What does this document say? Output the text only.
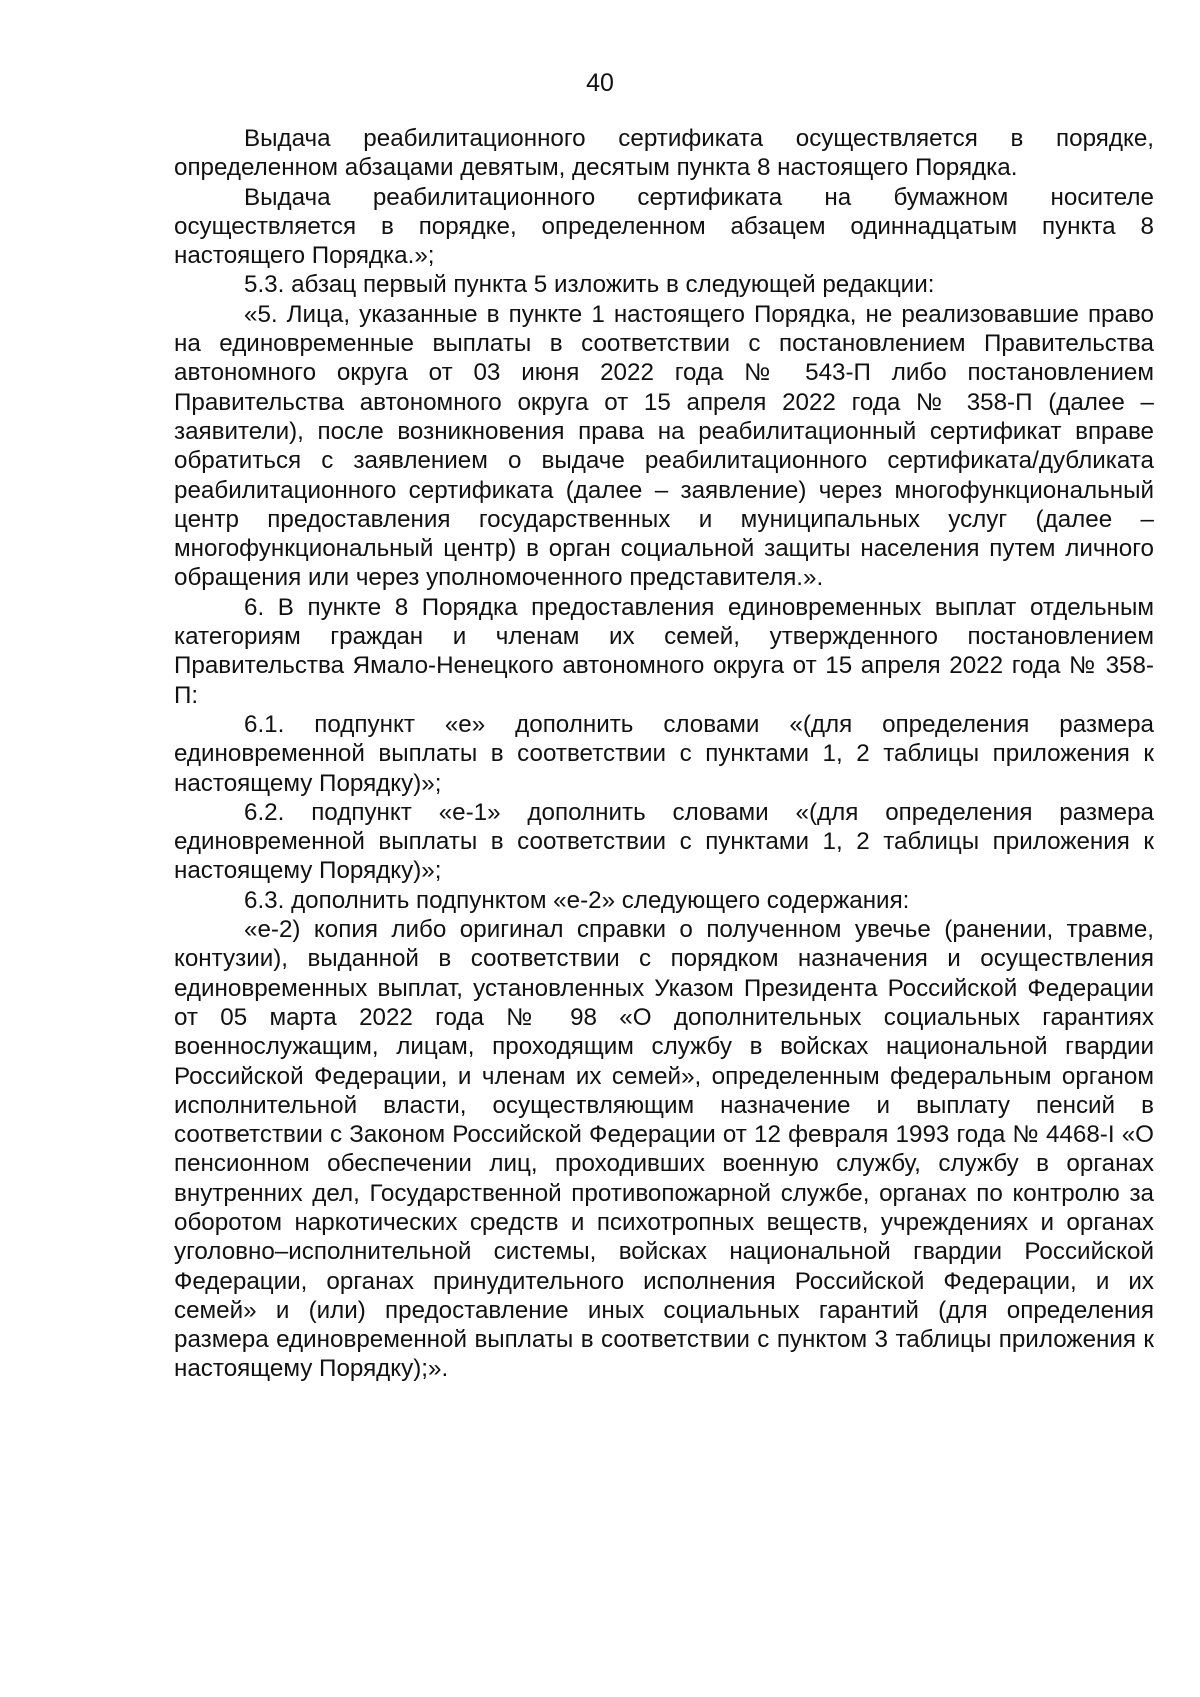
40

Выдача реабилитационного сертификата осуществляется в порядке, определенном абзацами девятым, десятым пункта 8 настоящего Порядка.

Выдача реабилитационного сертификата на бумажном носителе осуществляется в порядке, определенном абзацем одиннадцатым пункта 8 настоящего Порядка.»;

5.3. абзац первый пункта 5 изложить в следующей редакции:

«5. Лица, указанные в пункте 1 настоящего Порядка, не реализовавшие право на единовременные выплаты в соответствии с постановлением Правительства автономного округа от 03 июня 2022 года № 543-П либо постановлением Правительства автономного округа от 15 апреля 2022 года № 358-П (далее – заявители), после возникновения права на реабилитационный сертификат вправе обратиться с заявлением о выдаче реабилитационного сертификата/дубликата реабилитационного сертификата (далее – заявление) через многофункциональный центр предоставления государственных и муниципальных услуг (далее – многофункциональный центр) в орган социальной защиты населения путем личного обращения или через уполномоченного представителя.».

6. В пункте 8 Порядка предоставления единовременных выплат отдельным категориям граждан и членам их семей, утвержденного постановлением Правительства Ямало-Ненецкого автономного округа от 15 апреля 2022 года № 358-П:

6.1. подпункт «е» дополнить словами «(для определения размера единовременной выплаты в соответствии с пунктами 1, 2 таблицы приложения к настоящему Порядку)»;

6.2. подпункт «е-1» дополнить словами «(для определения размера единовременной выплаты в соответствии с пунктами 1, 2 таблицы приложения к настоящему Порядку)»;

6.3. дополнить подпунктом «е-2» следующего содержания:

«е-2) копия либо оригинал справки о полученном увечье (ранении, травме, контузии), выданной в соответствии с порядком назначения и осуществления единовременных выплат, установленных Указом Президента Российской Федерации от 05 марта 2022 года № 98 «О дополнительных социальных гарантиях военнослужащим, лицам, проходящим службу в войсках национальной гвардии Российской Федерации, и членам их семей», определенным федеральным органом исполнительной власти, осуществляющим назначение и выплату пенсий в соответствии с Законом Российской Федерации от 12 февраля 1993 года № 4468-I «О пенсионном обеспечении лиц, проходивших военную службу, службу в органах внутренних дел, Государственной противопожарной службе, органах по контролю за оборотом наркотических средств и психотропных веществ, учреждениях и органах уголовно–исполнительной системы, войсках национальной гвардии Российской Федерации, органах принудительного исполнения Российской Федерации, и их семей» и (или) предоставление иных социальных гарантий (для определения размера единовременной выплаты в соответствии с пунктом 3 таблицы приложения к настоящему Порядку);».
